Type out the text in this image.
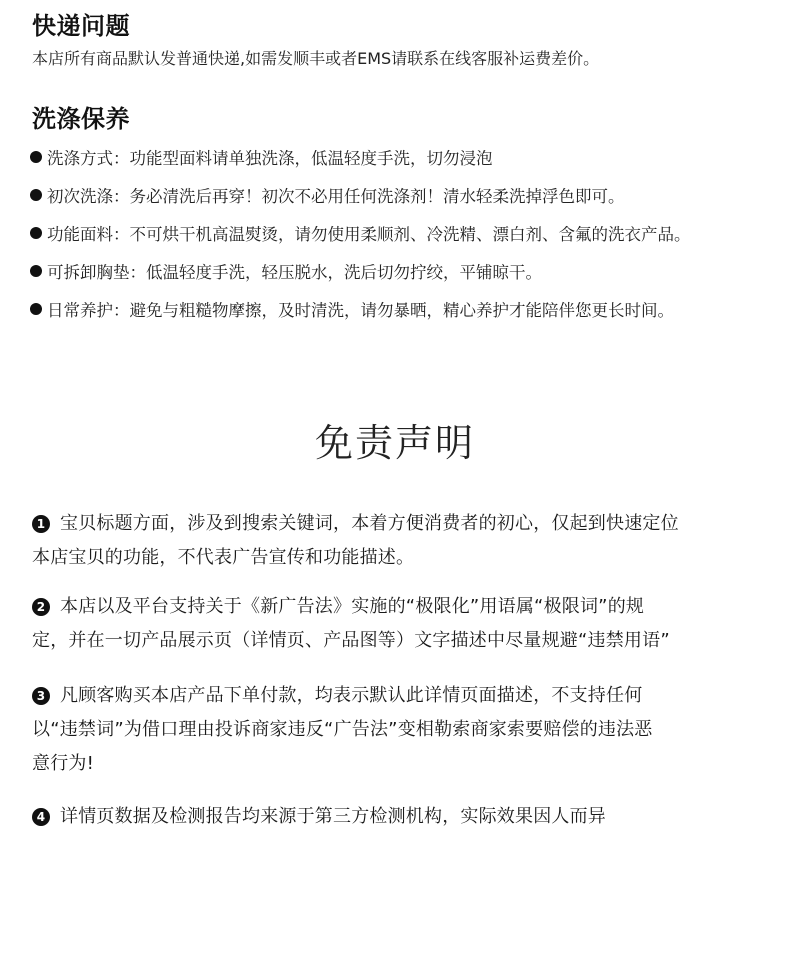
快递问题
本店所有商品默认发普通快递,如需发顺丰或者EMS请联系在线客服补运费差价。
洗涤保养
洗涤方式：功能型面料请单独洗涤，低温轻度手洗，切勿浸泡
初次洗涤：务必清洗后再穿！初次不必用任何洗涤剂！清水轻柔洗掉浮色即可。
功能面料：不可烘干机高温熨烫，请勿使用柔顺剂、冷洗精、漂白剂、含氟的洗衣产品。
可拆卸胸垫：低温轻度手洗，轻压脱水，洗后切勿拧绞，平铺晾干。
日常养护：避免与粗糙物摩擦，及时清洗，请勿暴晒，精心养护才能陪伴您更长时间。
免责声明
1 宝贝标题方面，涉及到搜索关键词，本着方便消费者的初心，仅起到快速定位
本店宝贝的功能，不代表广告宣传和功能描述。
2 本店以及平台支持关于《新广告法》实施的“极限化”用语属“极限词”的规
定，并在一切产品展示页（详情页、产品图等）文字描述中尽量规避“违禁用语”
3 凡顾客购买本店产品下单付款，均表示默认此详情页面描述，不支持任何
以“违禁词”为借口理由投诉商家违反“广告法”变相勒索商家索要赔偿的违法恶
意行为!
4 详情页数据及检测报告均来源于第三方检测机构，实际效果因人而异
